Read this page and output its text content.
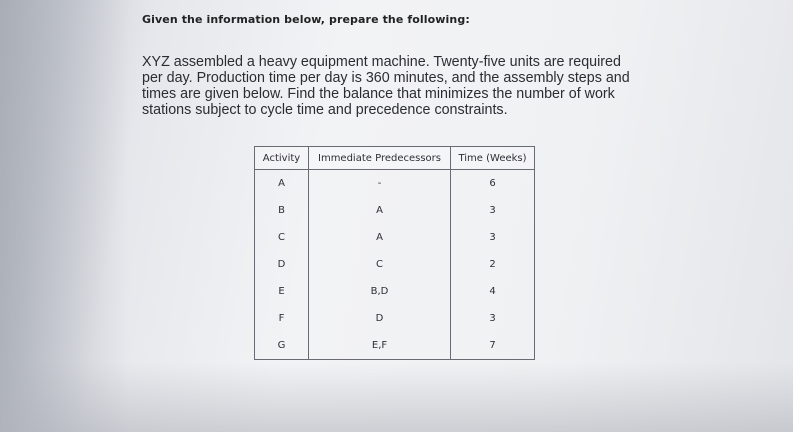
Given the information below, prepare the following:
XYZ assembled a heavy equipment machine. Twenty-five units are required
per day. Production time per day is 360 minutes, and the assembly steps and
times are given below. Find the balance that minimizes the number of work
stations subject to cycle time and precedence constraints.
Activity	Immediate Predecessors	Time (Weeks)
A	-	6
B	A	3
C	A	3
D	C	2
E	B,D	4
F	D	3
G	E,F	7
